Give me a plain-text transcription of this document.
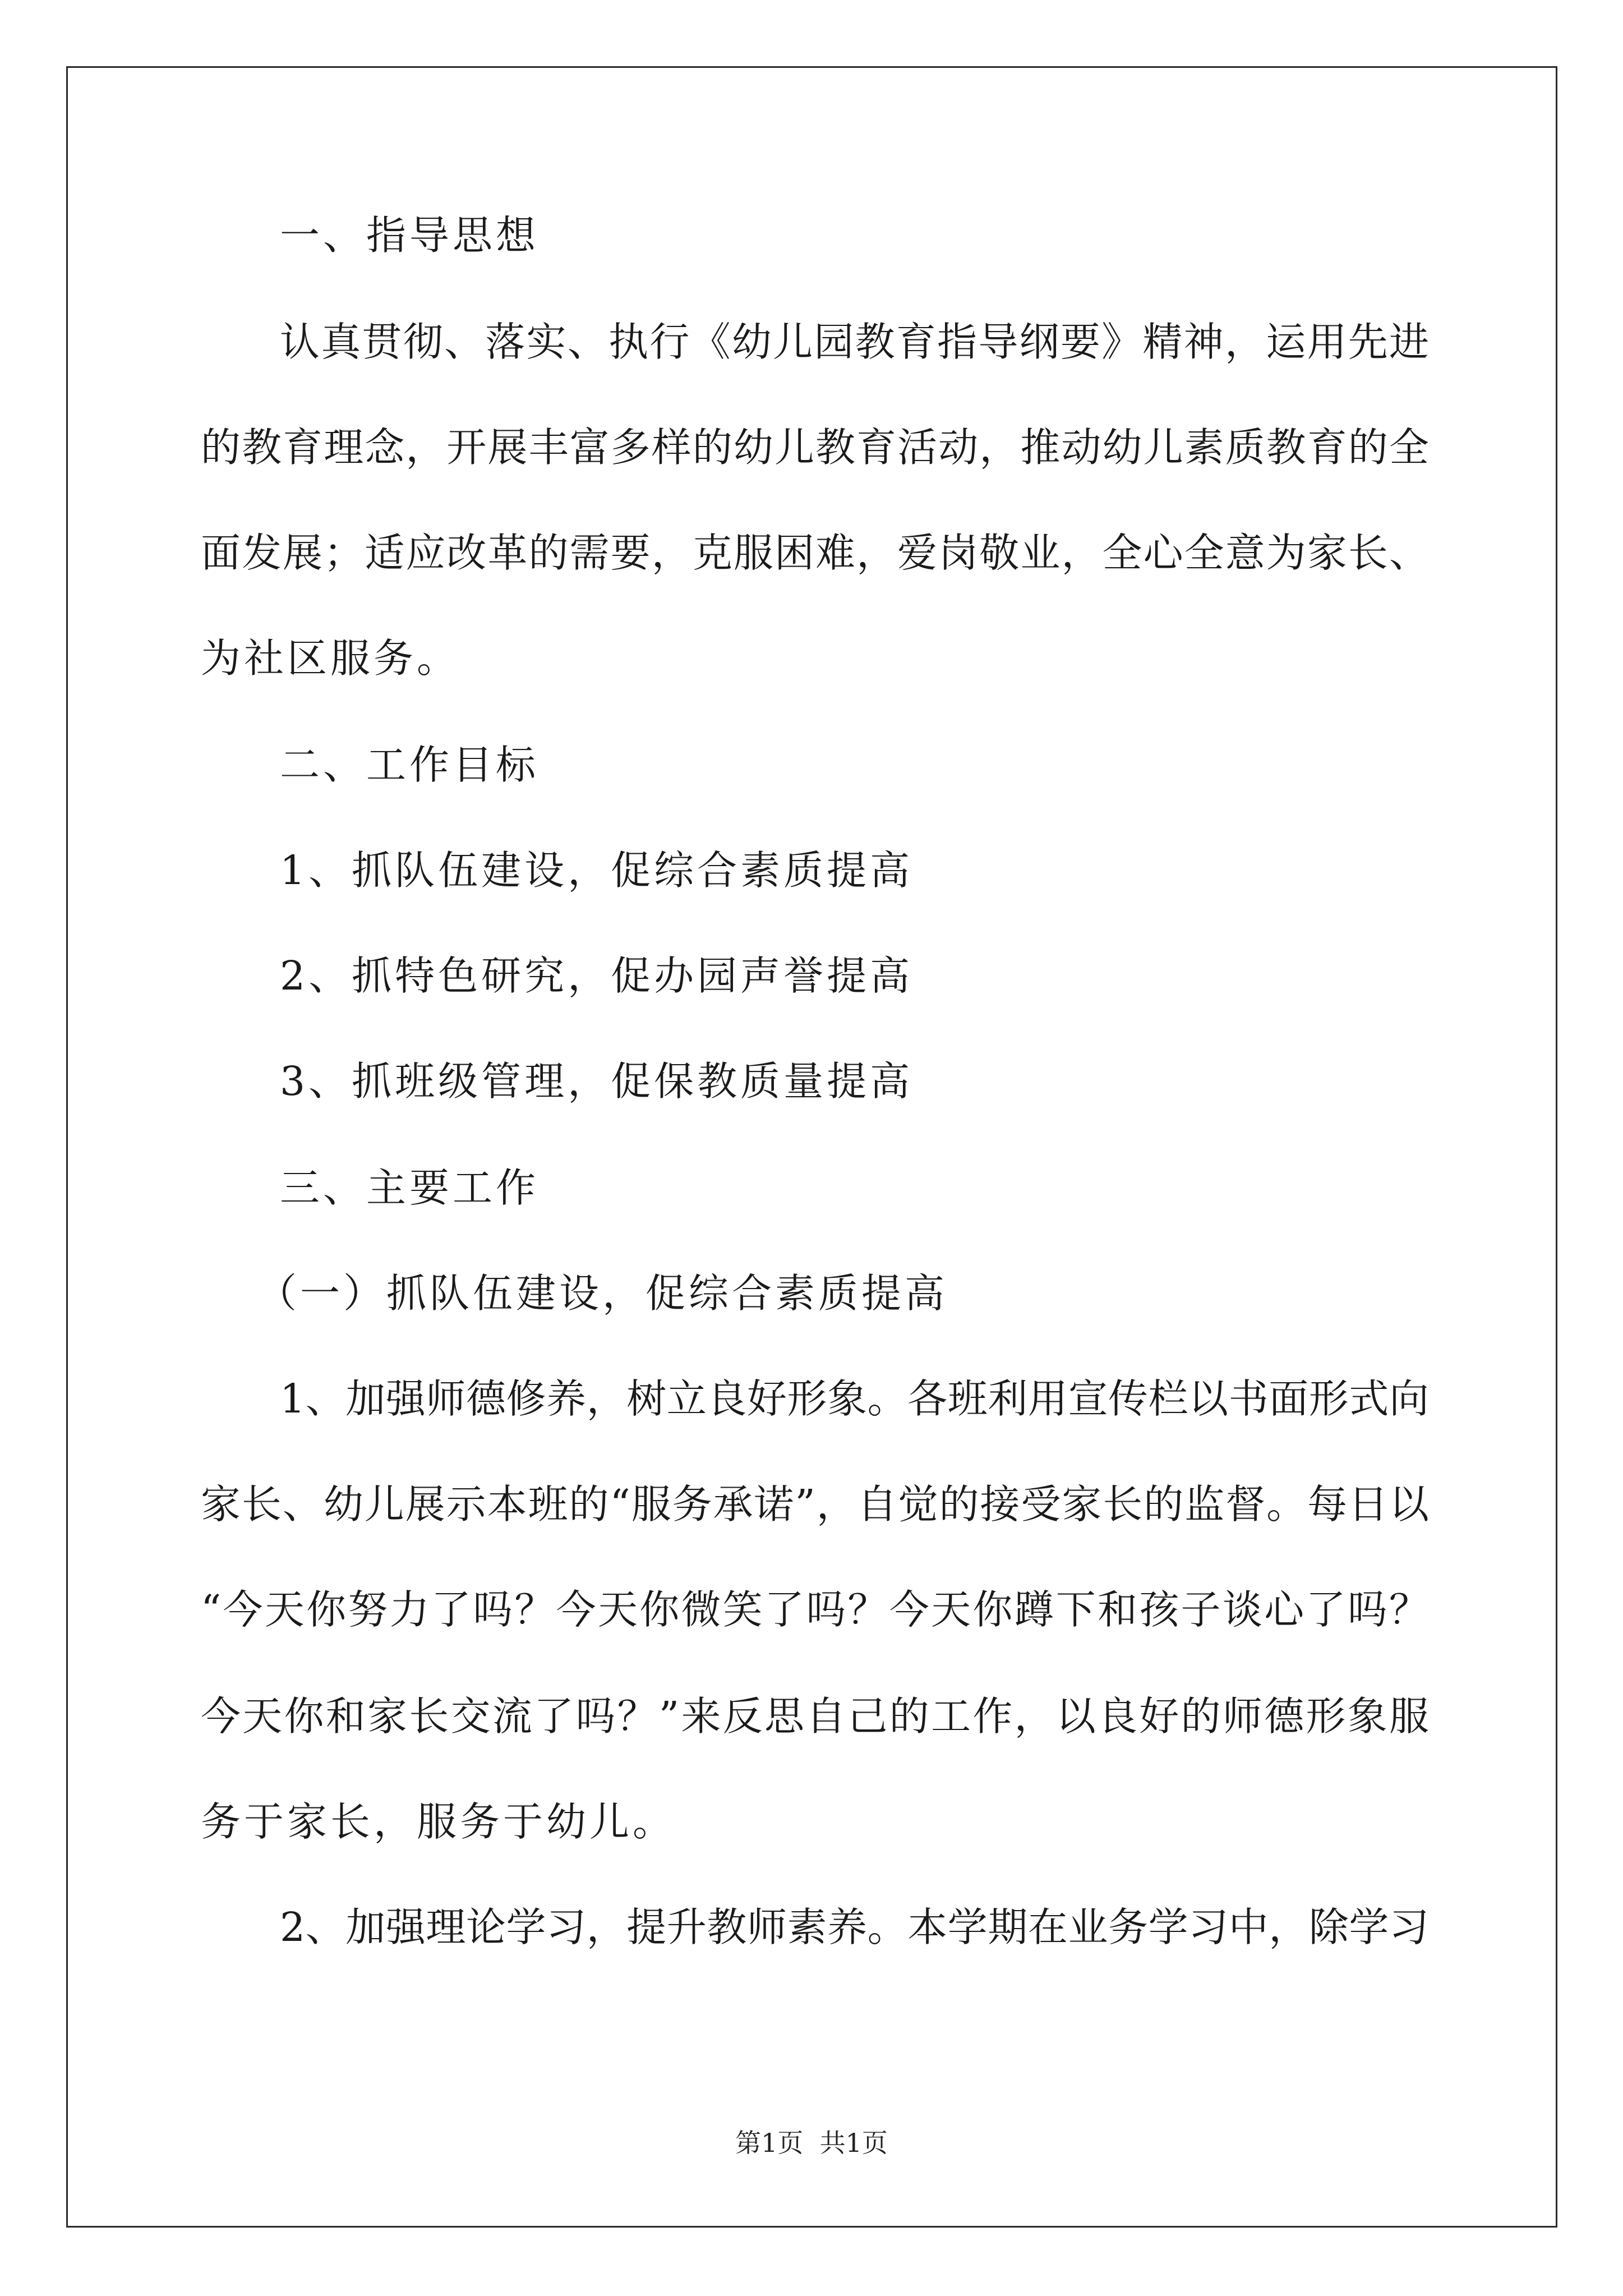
一、指导思想
认真贯彻、落实、执行《幼儿园教育指导纲要》精神，运用先进
的教育理念，开展丰富多样的幼儿教育活动，推动幼儿素质教育的全
面发展；适应改革的需要，克服困难，爱岗敬业，全心全意为家长、
为社区服务。
二、工作目标
1、抓队伍建设，促综合素质提高
2、抓特色研究，促办园声誉提高
3、抓班级管理，促保教质量提高
三、主要工作
（一）抓队伍建设，促综合素质提高
1、加强师德修养，树立良好形象。各班利用宣传栏以书面形式向
家长、幼儿展示本班的“服务承诺”，自觉的接受家长的监督。每日以
“今天你努力了吗？今天你微笑了吗？今天你蹲下和孩子谈心了吗？
今天你和家长交流了吗？”来反思自己的工作，以良好的师德形象服
务于家长，服务于幼儿。
2、加强理论学习，提升教师素养。本学期在业务学习中，除学习
第1页  共1页
